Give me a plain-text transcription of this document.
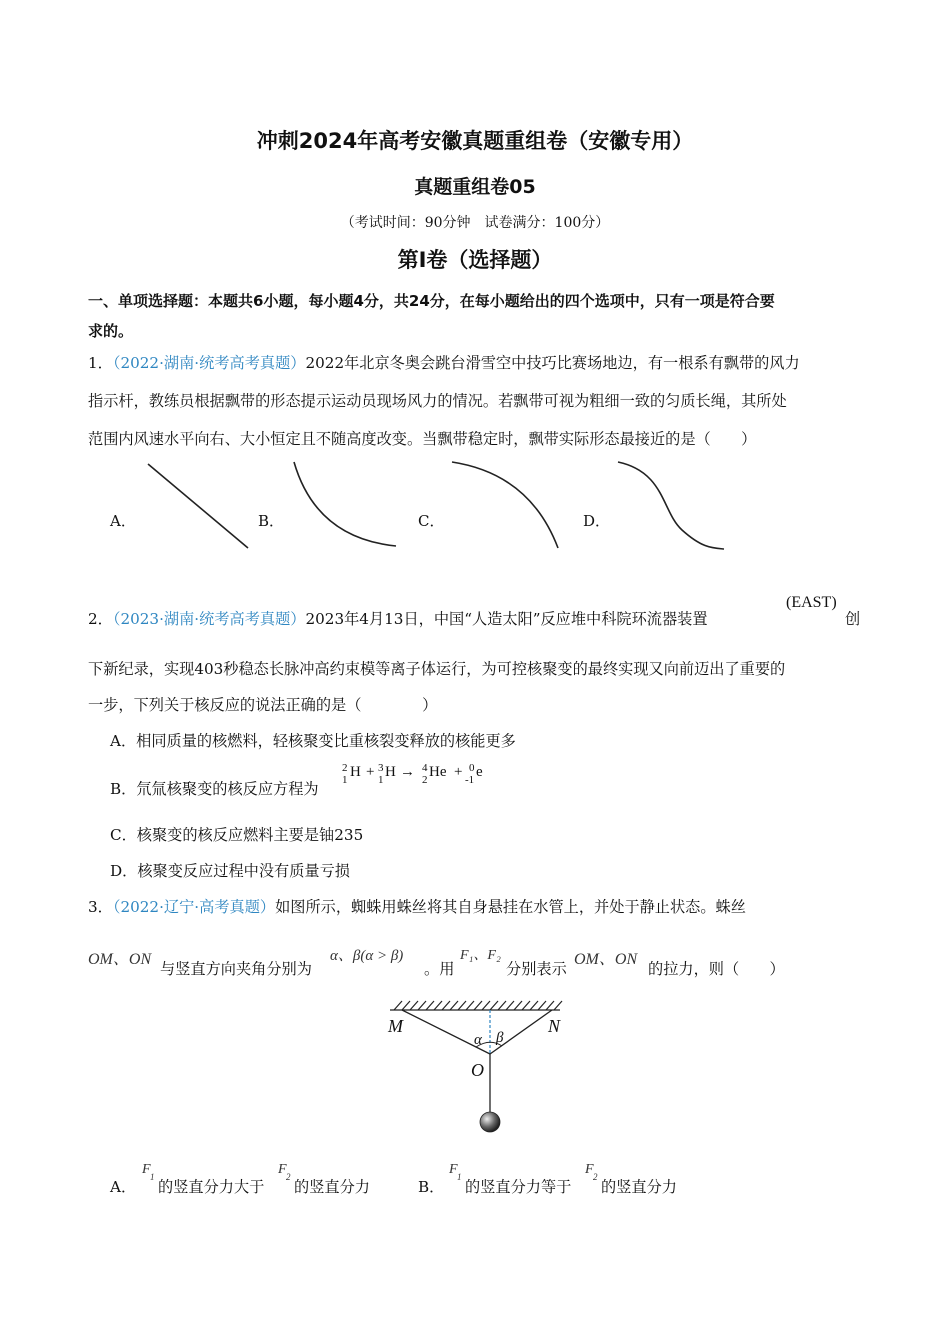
冲刺2024年高考安徽真题重组卷（安徽专用）
真题重组卷05
（考试时间：90分钟　试卷满分：100分）
第I卷（选择题）
一、单项选择题：本题共6小题，每小题4分，共24分，在每小题给出的四个选项中，只有一项是符合要
求的。
1．（2022·湖南·统考高考真题）2022年北京冬奥会跳台滑雪空中技巧比赛场地边，有一根系有飘带的风力
指示杆，教练员根据飘带的形态提示运动员现场风力的情况。若飘带可视为粗细一致的匀质长绳，其所处
范围内风速水平向右、大小恒定且不随高度改变。当飘带稳定时，飘带实际形态最接近的是（　　）
A．	B．	C．	D．
2．（2023·湖南·统考高考真题）2023年4月13日，中国“人造太阳”反应堆中科院环流器装置
(EAST)
创
下新纪录，实现403秒稳态长脉冲高约束模等离子体运行，为可控核聚变的最终实现又向前迈出了重要的
一步，下列关于核反应的说法正确的是（　　　　）
A．相同质量的核燃料，轻核聚变比重核裂变释放的核能更多
B．氘氚核聚变的核反应方程为
2
1 H + 3
1 H → 4
2 He + 0
-1 e
C．核聚变的核反应燃料主要是铀235
D．核聚变反应过程中没有质量亏损
3．（2022·辽宁·高考真题）如图所示，蜘蛛用蛛丝将其自身悬挂在水管上，并处于静止状态。蛛丝
OM、ON
与竖直方向夹角分别为
α、β(α > β)
。用
F₁、F₂
分别表示
OM、ON
的拉力，则（　　）
M	N
α β
O
A．
F 1
的竖直分力大于
F 2
的竖直分力	B．
F 1
的竖直分力等于
F 2
的竖直分力
